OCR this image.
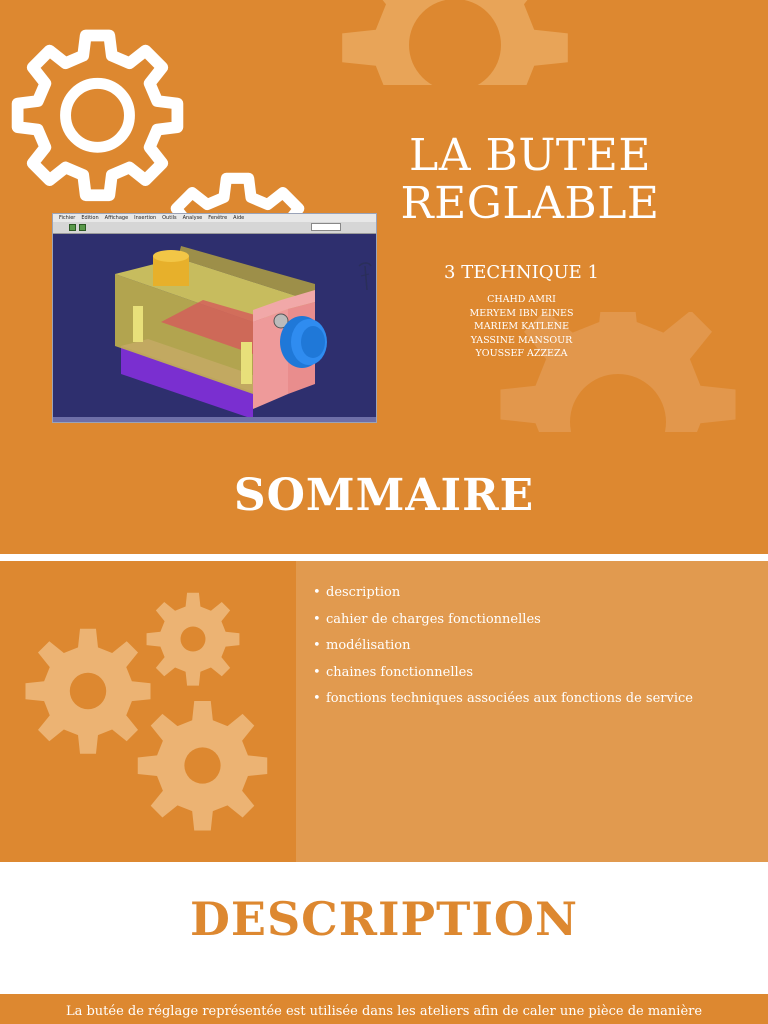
Fichier Edition Affichage Insertion Outils Analyse Fenêtre Aide
LA BUTEE
REGLABLE
3 TECHNIQUE 1
CHAHD AMRI
MERYEM IBN EINES
MARIEM KATLENE
YASSINE MANSOUR
YOUSSEF AZZEZA
SOMMAIRE
• description
• cahier de charges fonctionnelles
• modélisation
• chaines fonctionnelles
• fonctions techniques associées aux fonctions de service
DESCRIPTION
La butée de réglage représentée est utilisée dans les ateliers afin de caler une pièce de manière
